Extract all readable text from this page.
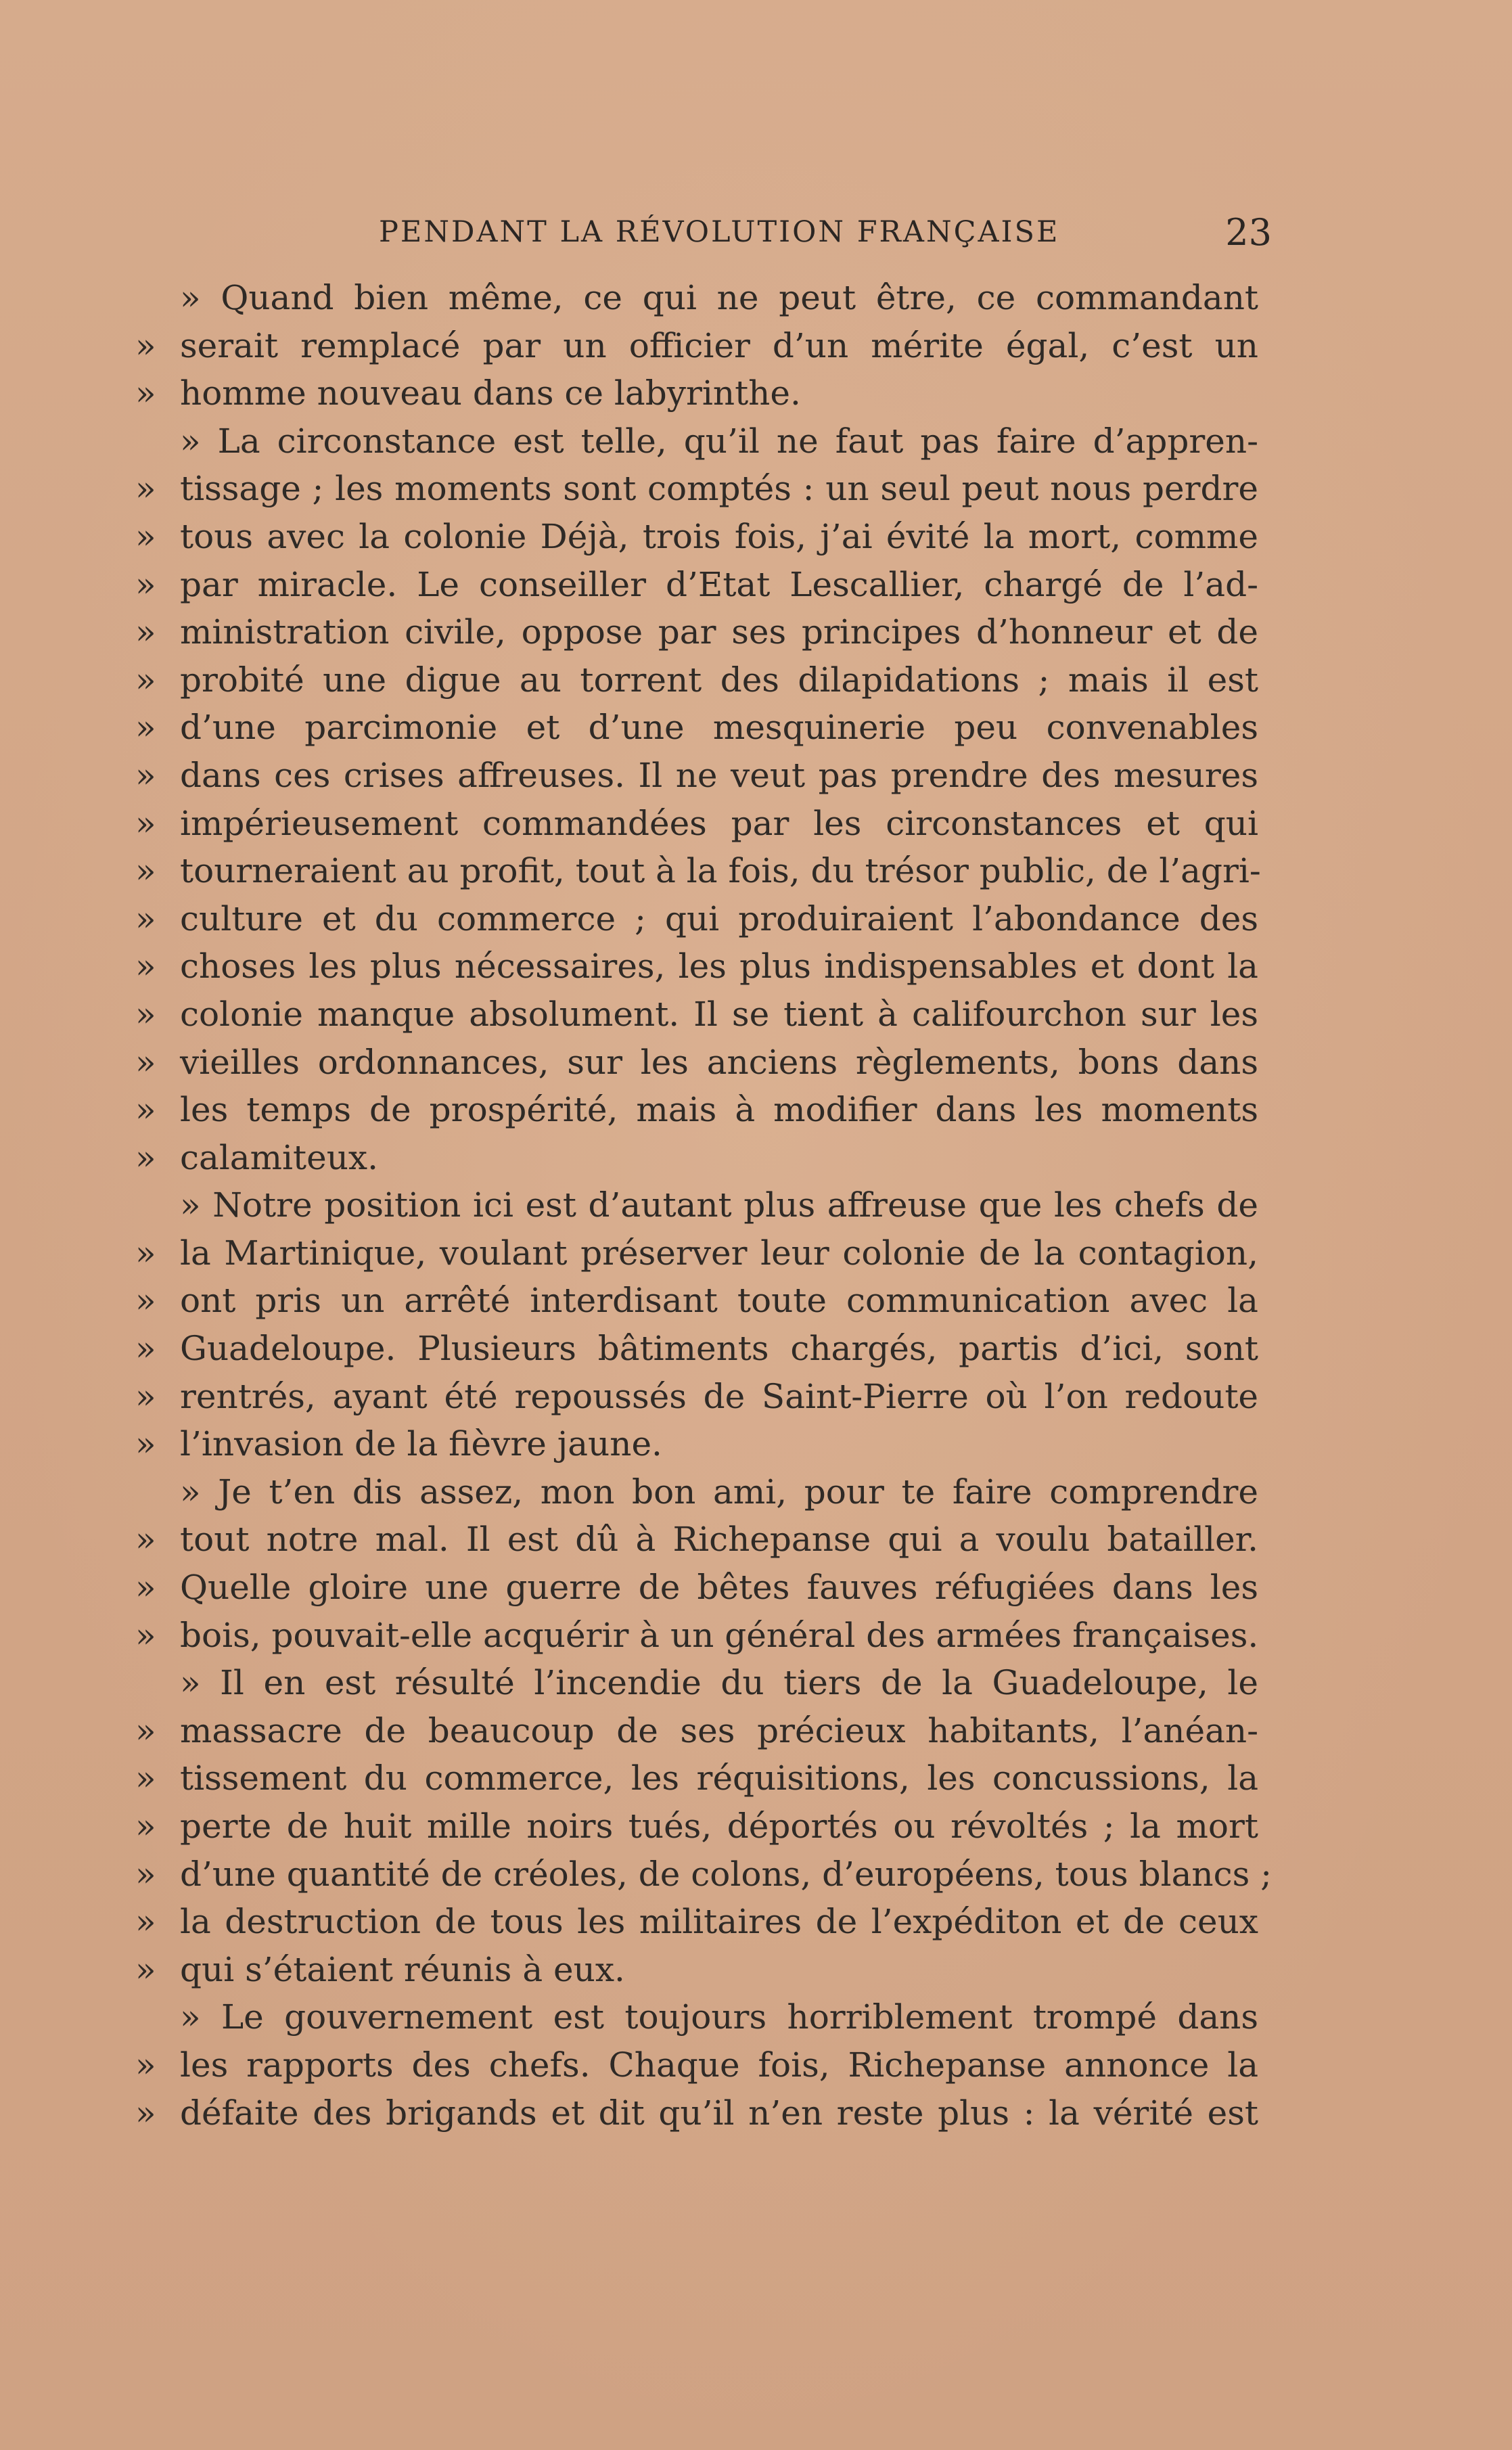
PENDANT LA RÉVOLUTION FRANÇAISE	23
» Quand bien même, ce qui ne peut être, ce commandant
» serait remplacé par un officier d’un mérite égal, c’est un
» homme nouveau dans ce labyrinthe.
» La circonstance est telle, qu’il ne faut pas faire d’appren-
» tissage ; les moments sont comptés : un seul peut nous perdre
» tous avec la colonie Déjà, trois fois, j’ai évité la mort, comme
» par miracle. Le conseiller d’Etat Lescallier, chargé de l’ad-
» ministration civile, oppose par ses principes d’honneur et de
» probité une digue au torrent des dilapidations ; mais il est
» d’une parcimonie et d’une mesquinerie peu convenables
» dans ces crises affreuses. Il ne veut pas prendre des mesures
» impérieusement commandées par les circonstances et qui
» tourneraient au profit, tout à la fois, du trésor public, de l’agri-
» culture et du commerce ; qui produiraient l’abondance des
» choses les plus nécessaires, les plus indispensables et dont la
» colonie manque absolument. Il se tient à califourchon sur les
» vieilles ordonnances, sur les anciens règlements, bons dans
» les temps de prospérité, mais à modifier dans les moments
» calamiteux.
» Notre position ici est d’autant plus affreuse que les chefs de
» la Martinique, voulant préserver leur colonie de la contagion,
» ont pris un arrêté interdisant toute communication avec la
» Guadeloupe. Plusieurs bâtiments chargés, partis d’ici, sont
» rentrés, ayant été repoussés de Saint-Pierre où l’on redoute
» l’invasion de la fièvre jaune.
» Je t’en dis assez, mon bon ami, pour te faire comprendre
» tout notre mal. Il est dû à Richepanse qui a voulu batailler.
» Quelle gloire une guerre de bêtes fauves réfugiées dans les
» bois, pouvait-elle acquérir à un général des armées françaises.
» Il en est résulté l’incendie du tiers de la Guadeloupe, le
» massacre de beaucoup de ses précieux habitants, l’anéan-
» tissement du commerce, les réquisitions, les concussions, la
» perte de huit mille noirs tués, déportés ou révoltés ; la mort
» d’une quantité de créoles, de colons, d’européens, tous blancs ;
» la destruction de tous les militaires de l’expéditon et de ceux
» qui s’étaient réunis à eux.
» Le gouvernement est toujours horriblement trompé dans
» les rapports des chefs. Chaque fois, Richepanse annonce la
» défaite des brigands et dit qu’il n’en reste plus : la vérité est
